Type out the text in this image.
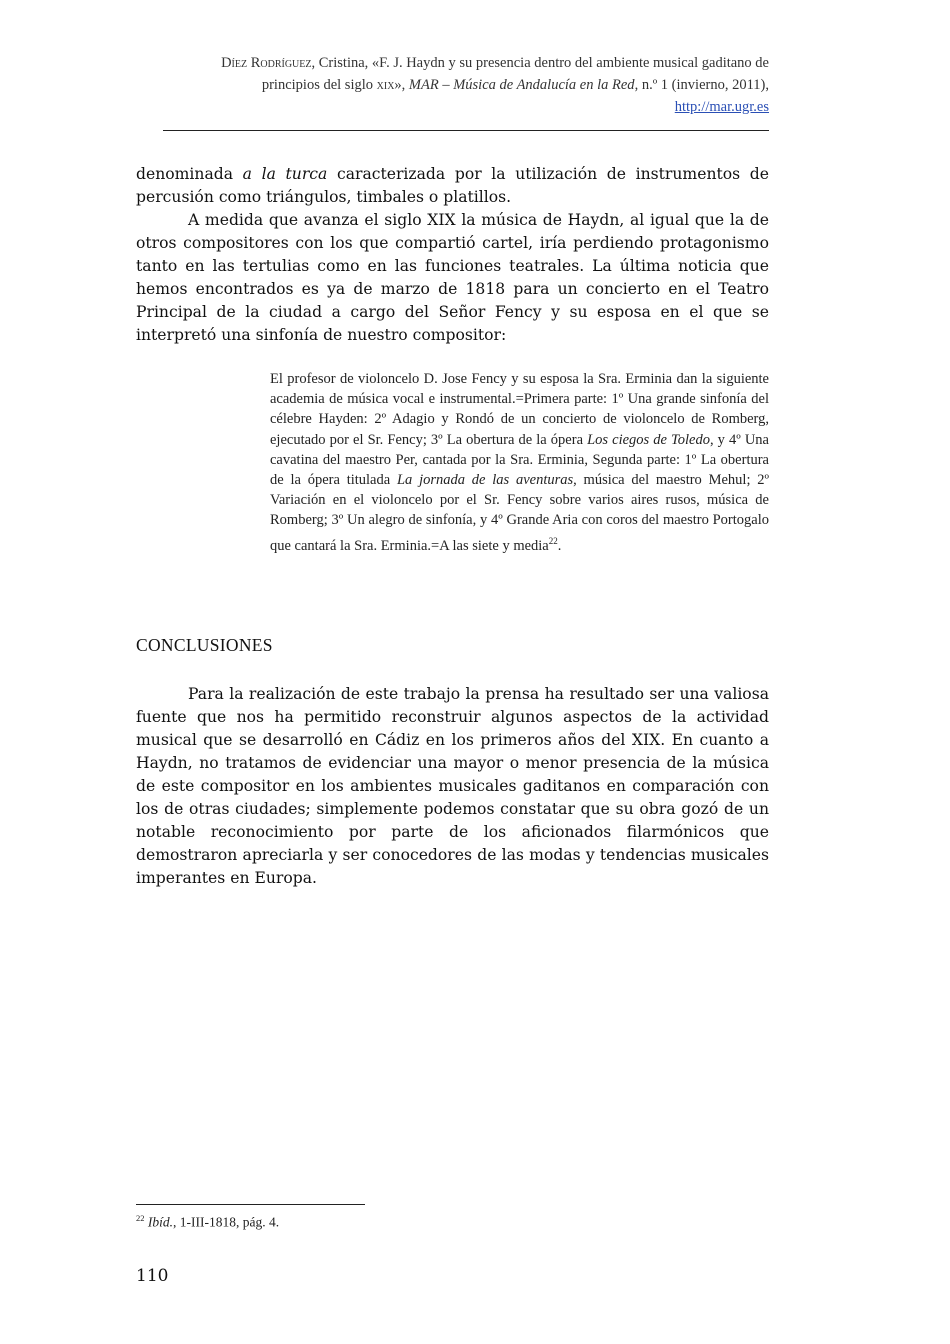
Díez Rodríguez, Cristina, «F. J. Haydn y su presencia dentro del ambiente musical gaditano de
principios del siglo xix», MAR – Música de Andalucía en la Red, n.º 1 (invierno, 2011),
http://mar.ugr.es
denominada a la turca caracterizada por la utilización de instrumentos de percusión como triángulos, timbales o platillos.
A medida que avanza el siglo XIX la música de Haydn, al igual que la de otros compositores con los que compartió cartel, iría perdiendo protagonismo tanto en las tertulias como en las funciones teatrales. La última noticia que hemos encontrados es ya de marzo de 1818 para un concierto en el Teatro Principal de la ciudad a cargo del Señor Fency y su esposa en el que se interpretó una sinfonía de nuestro compositor:
El profesor de violoncelo D. Jose Fency y su esposa la Sra. Erminia dan la siguiente academia de música vocal e instrumental.=Primera parte: 1º Una grande sinfonía del célebre Hayden: 2º Adagio y Rondó de un concierto de violoncelo de Romberg, ejecutado por el Sr. Fency; 3º La obertura de la ópera Los ciegos de Toledo, y 4º Una cavatina del maestro Per, cantada por la Sra. Erminia, Segunda parte: 1º La obertura de la ópera titulada La jornada de las aventuras, música del maestro Mehul; 2º Variación en el violoncelo por el Sr. Fency sobre varios aires rusos, música de Romberg; 3º Un alegro de sinfonía, y 4º Grande Aria con coros del maestro Portogalo que cantará la Sra. Erminia.=A las siete y media$^{22}$.
CONCLUSIONES
Para la realización de este trabajo la prensa ha resultado ser una valiosa fuente que nos ha permitido reconstruir algunos aspectos de la actividad musical que se desarrolló en Cádiz en los primeros años del XIX. En cuanto a Haydn, no tratamos de evidenciar una mayor o menor presencia de la música de este compositor en los ambientes musicales gaditanos en comparación con los de otras ciudades; simplemente podemos constatar que su obra gozó de un notable reconocimiento por parte de los aficionados filarmónicos que demostraron apreciarla y ser conocedores de las modas y tendencias musicales imperantes en Europa.
$^{22}$ Ibíd., 1-III-1818, pág. 4.
110
